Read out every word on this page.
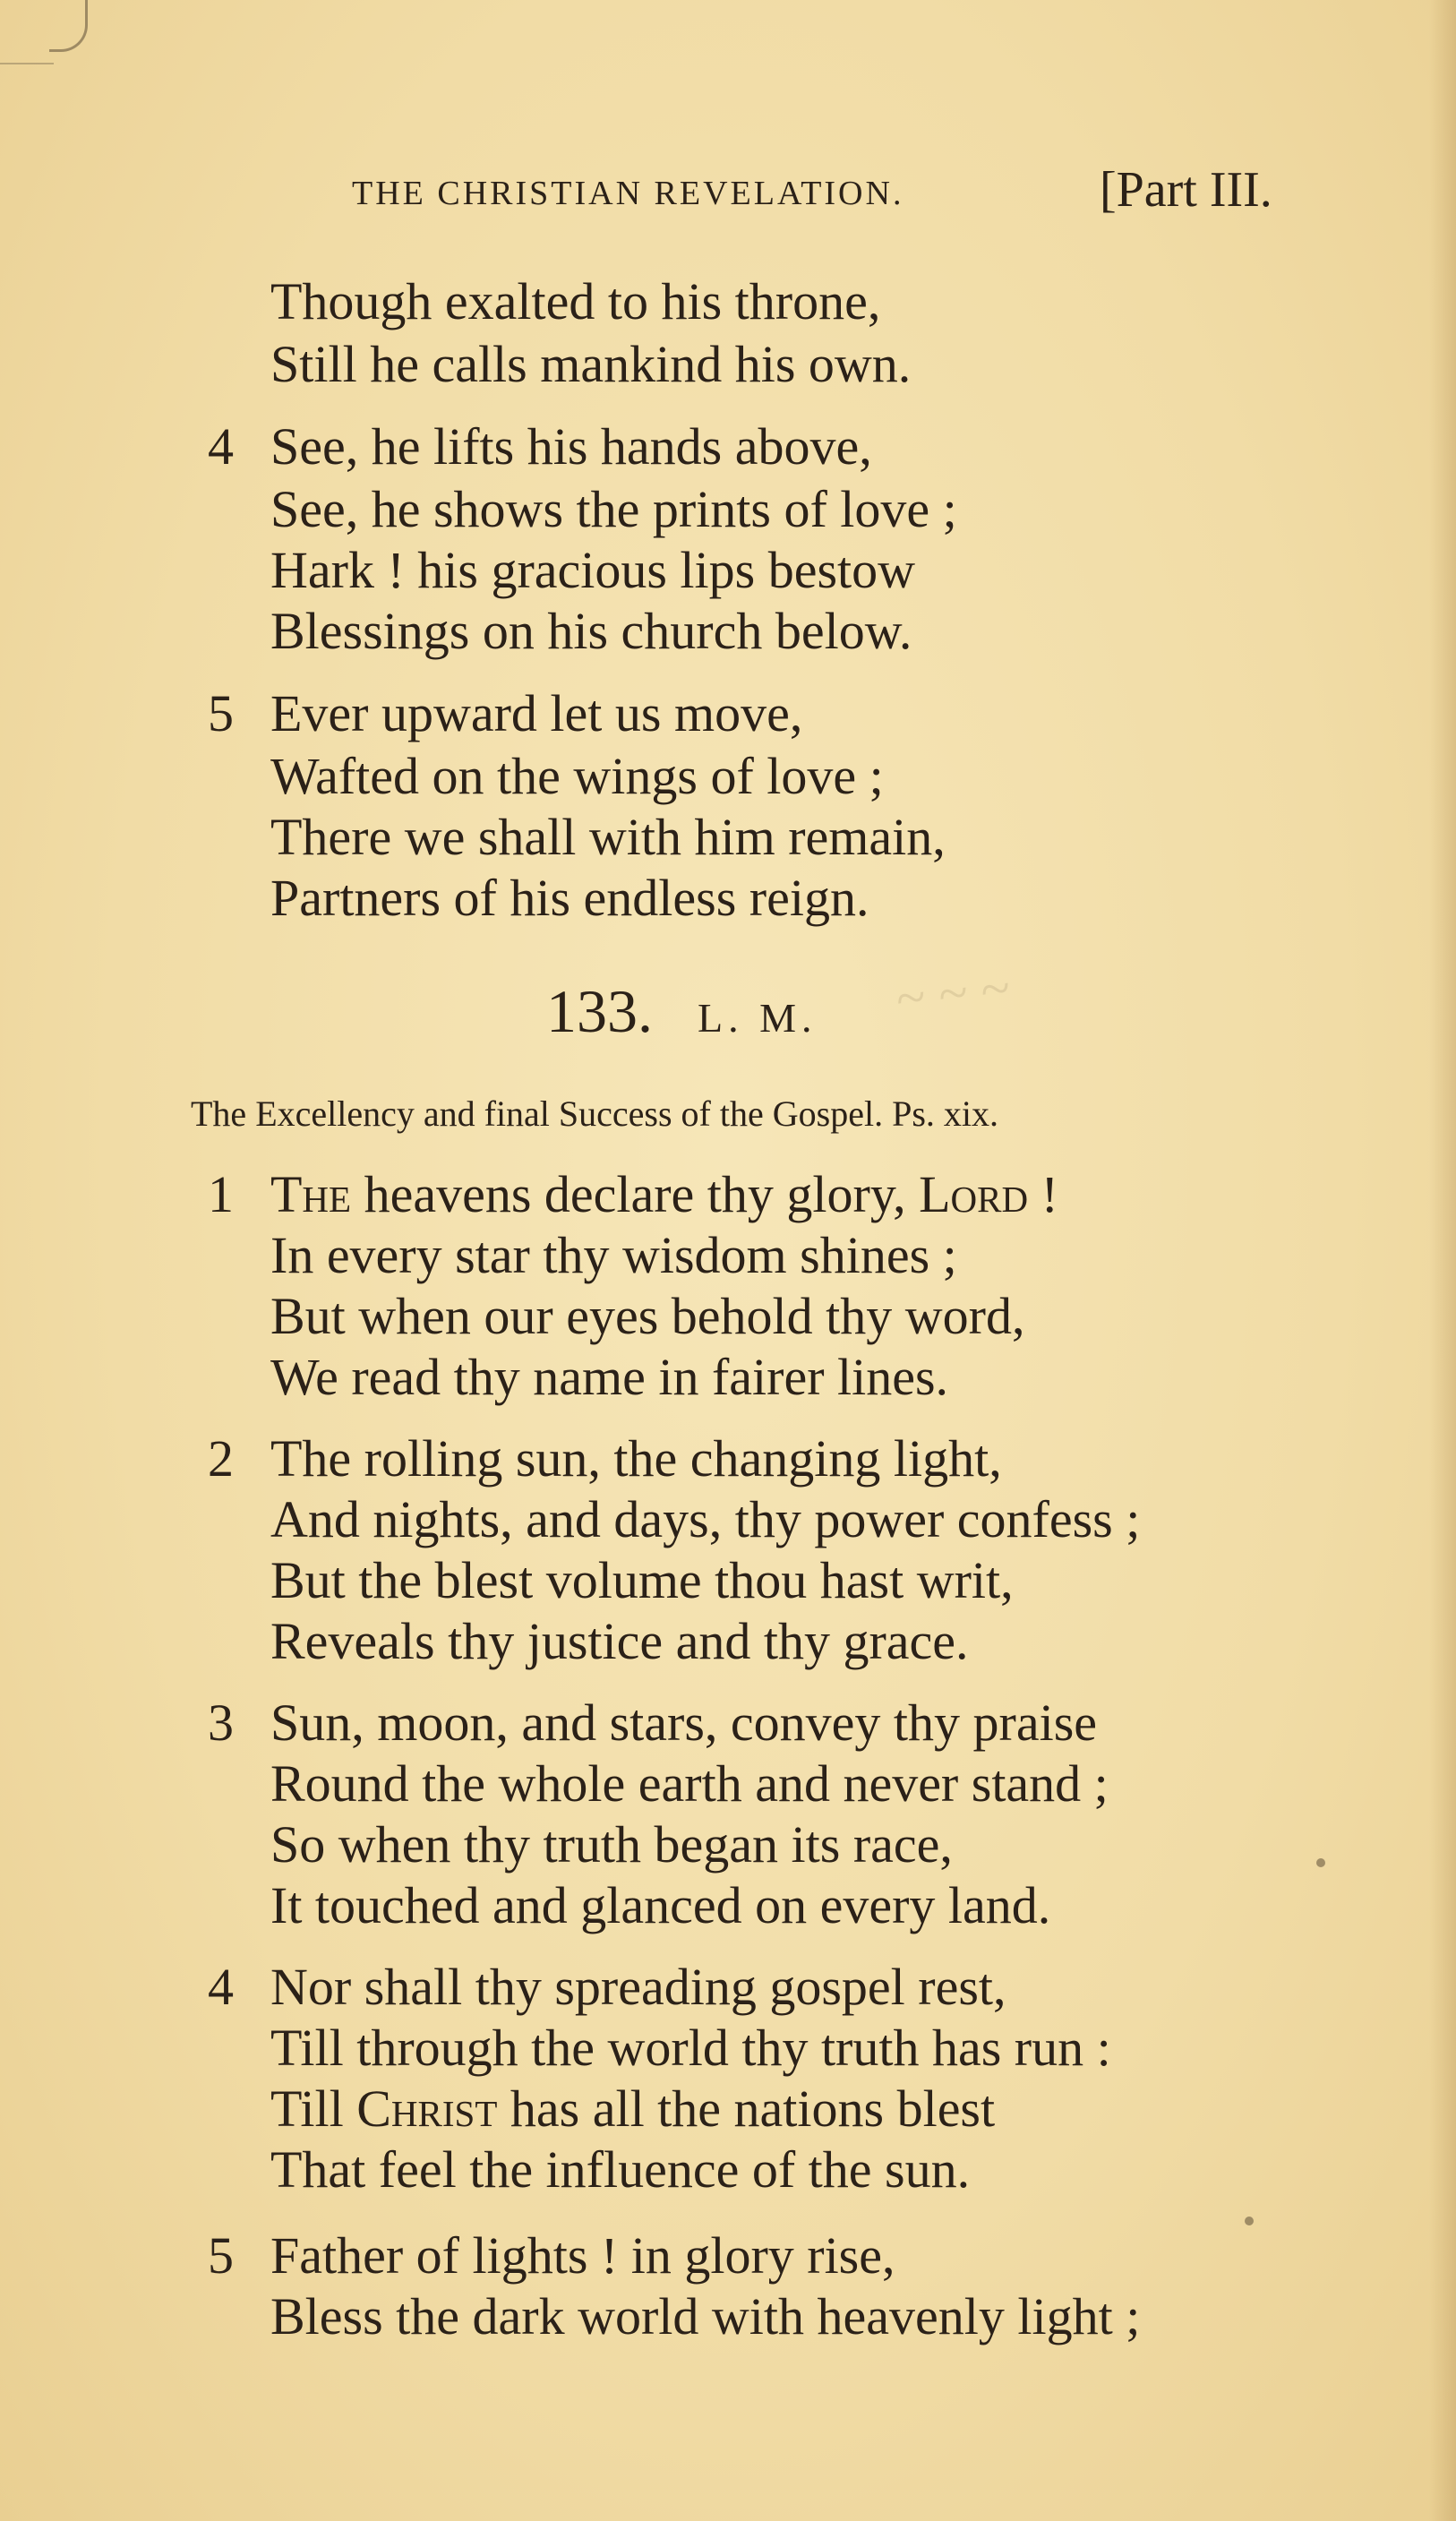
THE CHRISTIAN REVELATION.	[Part III.
Though exalted to his throne,
Still he calls mankind his own.
4 See, he lifts his hands above,
See, he shows the prints of love ;
Hark ! his gracious lips bestow
Blessings on his church below.
5 Ever upward let us move,
Wafted on the wings of love ;
There we shall with him remain,
Partners of his endless reign.
~ ~ ~
133. L. M.
The Excellency and final Success of the Gospel. Ps. xix.
1 The heavens declare thy glory, Lord !
In every star thy wisdom shines ;
But when our eyes behold thy word,
We read thy name in fairer lines.
2 The rolling sun, the changing light,
And nights, and days, thy power confess ;
But the blest volume thou hast writ,
Reveals thy justice and thy grace.
3 Sun, moon, and stars, convey thy praise
Round the whole earth and never stand ;
So when thy truth began its race,
It touched and glanced on every land.
4 Nor shall thy spreading gospel rest,
Till through the world thy truth has run :
Till Christ has all the nations blest
That feel the influence of the sun.
5 Father of lights ! in glory rise,
Bless the dark world with heavenly light ;
